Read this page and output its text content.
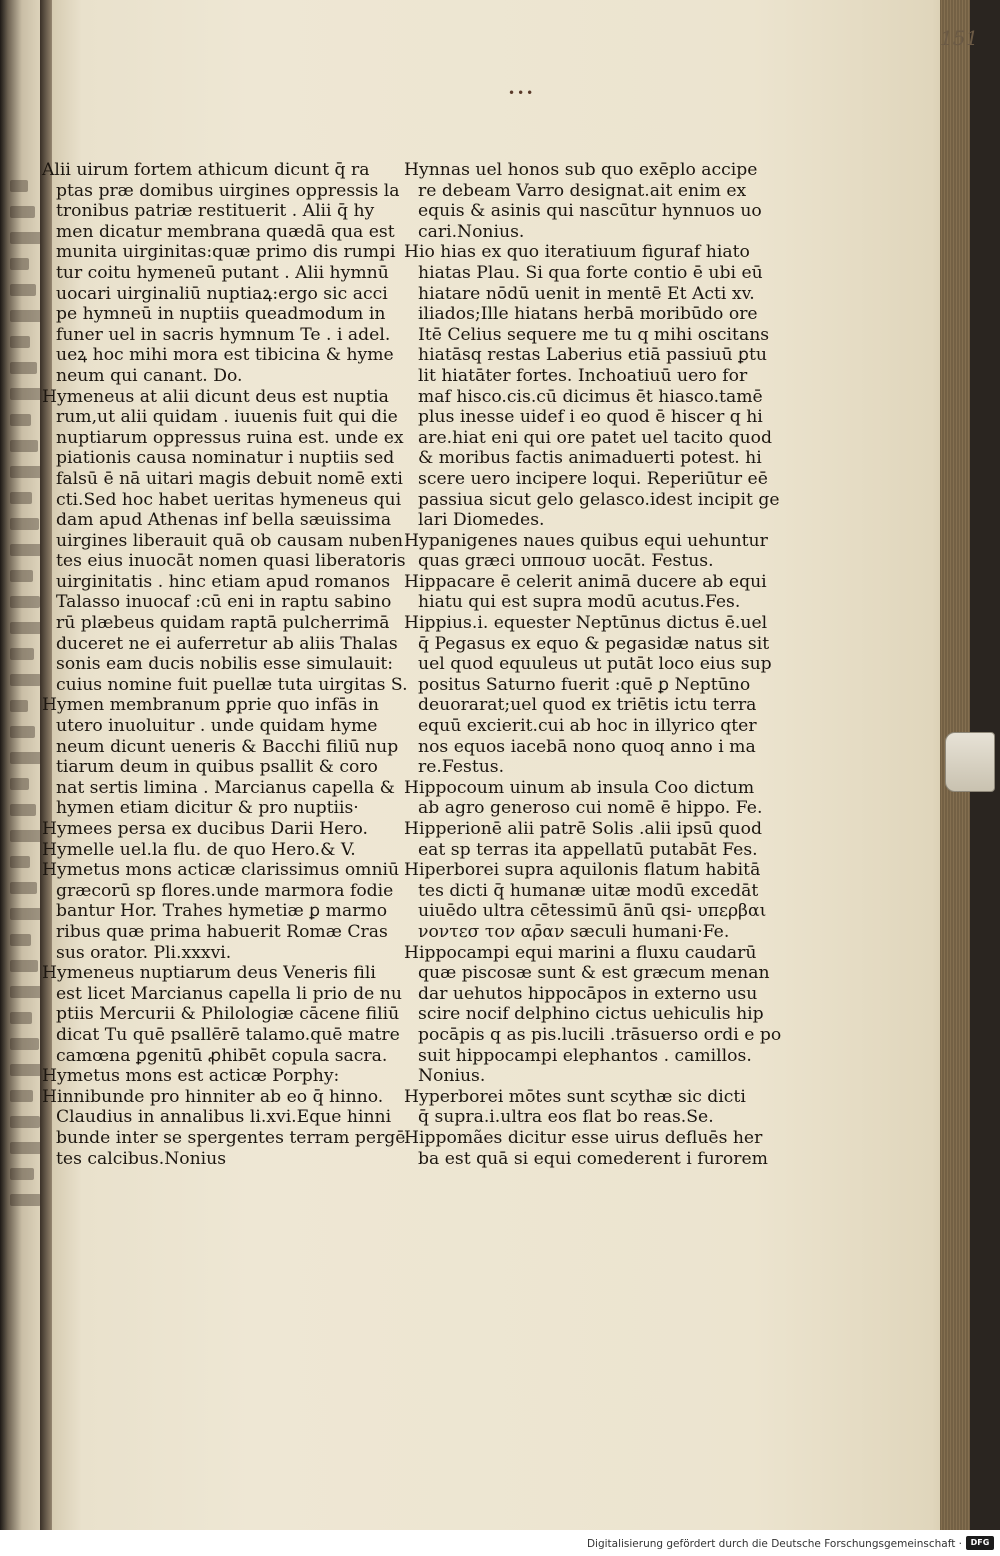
151
•••
Alii uirum fortem athicum dicunt q̄ ra
ptas præ domibus uirgines oppressis la
tronibus patriæ restituerit . Alii q̄ hy
men dicatur membrana quædā qua est
munita uirginitas:quæ primo dis rumpi
tur coitu hymeneū putant . Alii hymnū
uocari uirginaliū nuptiaꝝ:ergo sic acci
pe hymneū in nuptiis queadmodum in
funer uel in sacris hymnum Te . i adel.
ueꝝ hoc mihi mora est tibicina & hyme
neum qui canant. Do.
Hymeneus at alii dicunt deus est nuptia
rum,ut alii quidam . iuuenis fuit qui die
nuptiarum oppressus ruina est. unde ex
piationis causa nominatur i nuptiis sed
falsū ē nā uitari magis debuit nomē exti
cti.Sed hoc habet ueritas hymeneus qui
dam apud Athenas inf bella sæuissima
uirgines liberauit quā ob causam nuben
tes eius inuocāt nomen quasi liberatoris
uirginitatis . hinc etiam apud romanos
Talasso inuocaf :cū eni in raptu sabino
rū plæbeus quidam raptā pulcherrimā
duceret ne ei auferretur ab aliis Thalas
sonis eam ducis nobilis esse simulauit:
cuius nomine fuit puellæ tuta uirgitas S.
Hymen membranum ꝑprie quo infās in
utero inuoluitur . unde quidam hyme
neum dicunt ueneris & Bacchi filiū nup
tiarum deum in quibus psallit & coro
nat sertis limina . Marcianus capella &
hymen etiam dicitur & pro nuptiis·
Hymees persa ex ducibus Darii Hero.
Hymelle uel.la flu. de quo Hero.& V.
Hymetus mons acticæ clarissimus omniū
græcorū sp flores.unde marmora fodie
bantur Hor. Trahes hymetiæ ꝑ marmo
ribus quæ prima habuerit Romæ Cras
sus orator. Pli.xxxvi.
Hymeneus nuptiarum deus Veneris fili
est licet Marcianus capella li prio de nu
ptiis Mercurii & Philologiæ cācene filiū
dicat Tu quē psallērē talamo.quē matre
camœna ꝑgenitū ꝓhibēt copula sacra.
Hymetus mons est acticæ Porphy:
Hinnibunde pro hinniter ab eo q̄ hinno.
Claudius in annalibus li.xvi.Eque hinni
bunde inter se spergentes terram pergē
tes calcibus.Nonius
Hynnas uel honos sub quo exēplo accipe
re debeam Varro designat.ait enim ex
equis & asinis qui nascūtur hynnuos uo
cari.Nonius.
Hio hias ex quo iteratiuum figuraf hiato
hiatas Plau. Si qua forte contio ē ubi eū
hiatare nōdū uenit in mentē Et Acti xv.
iliados;Ille hiatans herbā moribūdo ore
Itē Celius sequere me tu q mihi oscitans
hiatāsq restas Laberius etiā passiuū ꝑtu
lit hiatāter fortes. Inchoatiuū uero for
maf hisco.cis.cū dicimus ēt hiasco.tamē
plus inesse uidef i eo quod ē hiscer q hi
are.hiat eni qui ore patet uel tacito quod
& moribus factis animaduerti potest. hi
scere uero incipere loqui. Reperiūtur eē
passiua sicut gelo gelasco.idest incipit ge
lari Diomedes.
Hypanigenes naues quibus equi uehuntur
quas græci υπποuσ uocāt. Festus.
Hippacare ē celerit animā ducere ab equi
hiatu qui est supra modū acutus.Fes.
Hippius.i. equester Neptūnus dictus ē.uel
q̄ Pegasus ex equo & pegasidæ natus sit
uel quod equuleus ut putāt loco eius sup
positus Saturno fuerit :quē ꝑ Neptūno
deuorarat;uel quod ex triētis ictu terra
equū excierit.cui ab hoc in illyrico qter
nos equos iacebā nono quoq anno i ma
re.Festus.
Hippocoum uinum ab insula Coo dictum
ab agro generoso cui nomē ē hippo. Fe.
Hipperionē alii patrē Solis .alii ipsū quod
eat sp terras ita appellatū putabāt Fes.
Hiperborei supra aquilonis flatum habitā
tes dicti q̄ humanæ uitæ modū excedāt
uiuēdo ultra cētessimū ānū qsi- υπερβαι
νοντεσ τον αρ̄αν sæculi humani·Fe.
Hippocampi equi marini a fluxu caudarū
quæ piscosæ sunt & est græcum menan
dar uehutos hippocāpos in externo usu
scire nocif delphino cictus uehiculis hip
pocāpis q as pis.lucili .trāsuerso ordi e po
suit hippocampi elephantos . camillos.
Nonius.
Hyperborei mōtes sunt scythæ sic dicti
q̄ supra.i.ultra eos flat bo reas.Se.
Hippomães dicitur esse uirus defluēs her
ba est quā si equi comederent i furorem
Digitalisierung gefördert durch die Deutsche Forschungsgemeinschaft ·	DFG
